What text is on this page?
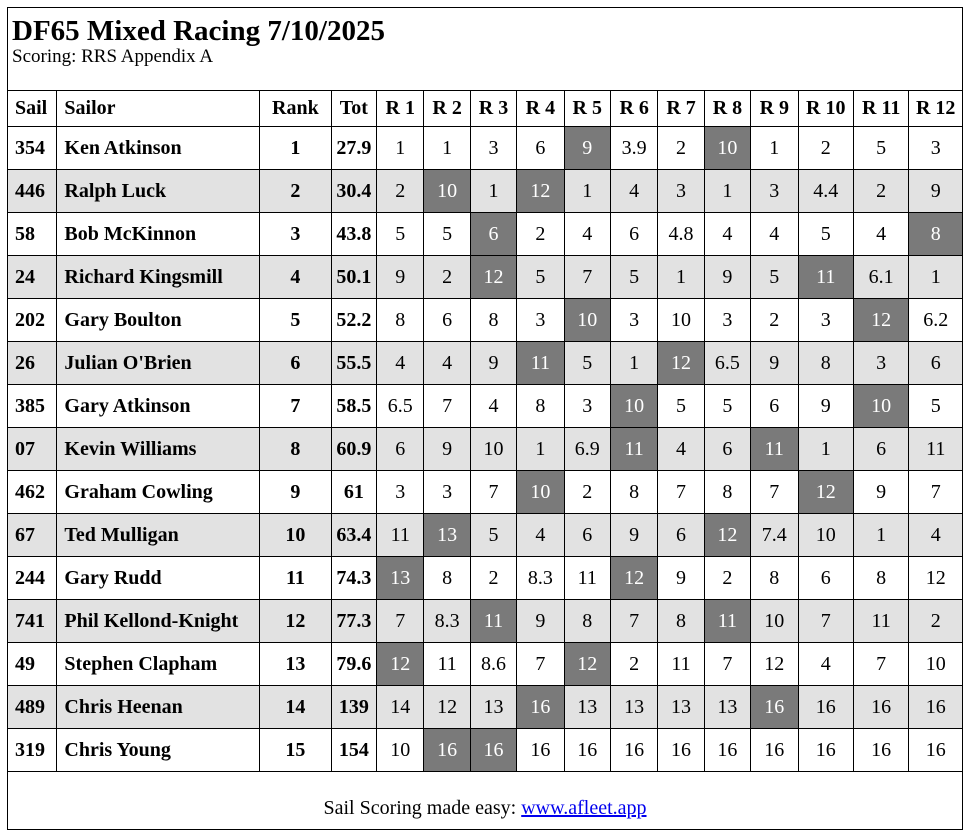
DF65 Mixed Racing 7/10/2025
Scoring: RRS Appendix A
Sail	Sailor	Rank	Tot	R 1	R 2	R 3	R 4	R 5	R 6	R 7	R 8	R 9	R 10	R 11	R 12
354	Ken Atkinson	1	27.9	1	1	3	6	9	3.9	2	10	1	2	5	3
446	Ralph Luck	2	30.4	2	10	1	12	1	4	3	1	3	4.4	2	9
58	Bob McKinnon	3	43.8	5	5	6	2	4	6	4.8	4	4	5	4	8
24	Richard Kingsmill	4	50.1	9	2	12	5	7	5	1	9	5	11	6.1	1
202	Gary Boulton	5	52.2	8	6	8	3	10	3	10	3	2	3	12	6.2
26	Julian O'Brien	6	55.5	4	4	9	11	5	1	12	6.5	9	8	3	6
385	Gary Atkinson	7	58.5	6.5	7	4	8	3	10	5	5	6	9	10	5
07	Kevin Williams	8	60.9	6	9	10	1	6.9	11	4	6	11	1	6	11
462	Graham Cowling	9	61	3	3	7	10	2	8	7	8	7	12	9	7
67	Ted Mulligan	10	63.4	11	13	5	4	6	9	6	12	7.4	10	1	4
244	Gary Rudd	11	74.3	13	8	2	8.3	11	12	9	2	8	6	8	12
741	Phil Kellond-Knight	12	77.3	7	8.3	11	9	8	7	8	11	10	7	11	2
49	Stephen Clapham	13	79.6	12	11	8.6	7	12	2	11	7	12	4	7	10
489	Chris Heenan	14	139	14	12	13	16	13	13	13	13	16	16	16	16
319	Chris Young	15	154	10	16	16	16	16	16	16	16	16	16	16	16
Sail Scoring made easy: www.afleet.app
